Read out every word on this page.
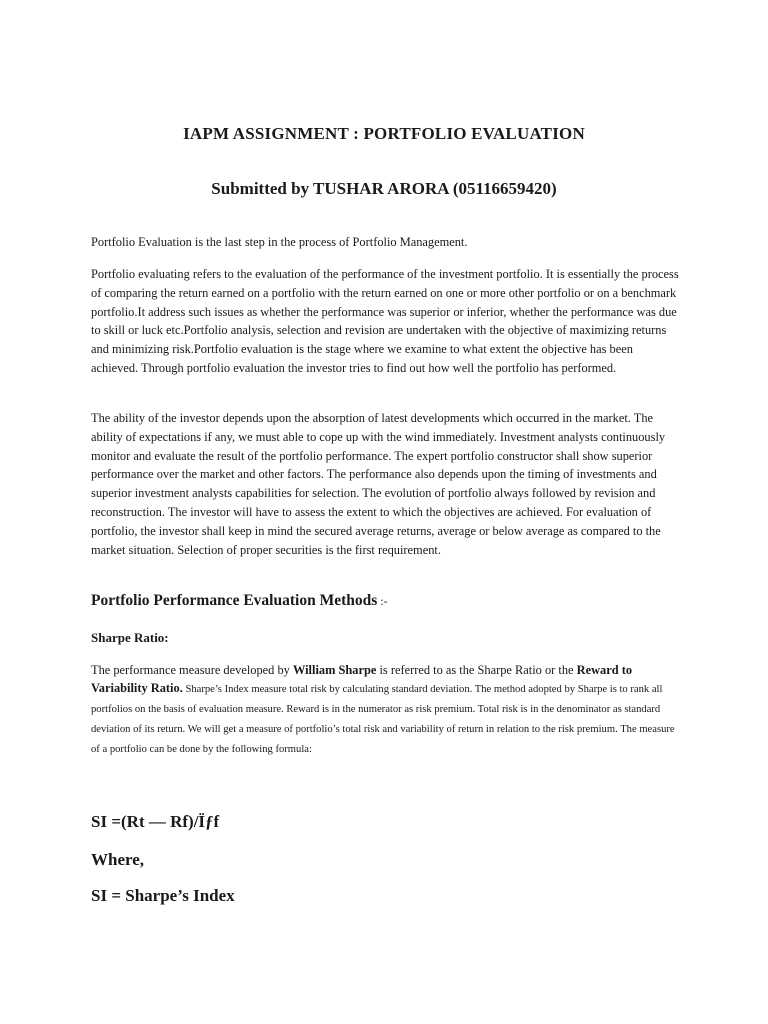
IAPM ASSIGNMENT : PORTFOLIO EVALUATION
Submitted by TUSHAR ARORA (05116659420)

Portfolio Evaluation is the last step in the process of Portfolio Management.

Portfolio evaluating refers to the evaluation of the performance of the investment portfolio. It is essentially the process of comparing the return earned on a portfolio with the return earned on one or more other portfolio or on a benchmark portfolio.It address such issues as whether the performance was superior or inferior, whether the performance was due to skill or luck etc.Portfolio analysis, selection and revision are undertaken with the objective of maximizing returns and minimizing risk.Portfolio evaluation is the stage where we examine to what extent the objective has been achieved. Through portfolio evaluation the investor tries to find out how well the portfolio has performed.

The ability of the investor depends upon the absorption of latest developments which occurred in the market. The ability of expectations if any, we must able to cope up with the wind immediately. Investment analysts continuously monitor and evaluate the result of the portfolio performance. The expert portfolio constructor shall show superior performance over the market and other factors. The performance also depends upon the timing of investments and superior investment analysts capabilities for selection. The evolution of portfolio always followed by revision and reconstruction. The investor will have to assess the extent to which the objectives are achieved. For evaluation of portfolio, the investor shall keep in mind the secured average returns, average or below average as compared to the market situation. Selection of proper securities is the first requirement.

Portfolio Performance Evaluation Methods :-
Sharpe Ratio:

The performance measure developed by William Sharpe is referred to as the Sharpe Ratio or the Reward to Variability Ratio. Sharpe’s Index measure total risk by calculating standard deviation. The method adopted by Sharpe is to rank all portfolios on the basis of evaluation measure. Reward is in the numerator as risk premium. Total risk is in the denominator as standard deviation of its return. We will get a measure of portfolio’s total risk and variability of return in relation to the risk premium. The measure of a portfolio can be done by the following formula:

SI =(Rt — Rf)/Ïƒf
Where,
SI = Sharpe’s Index
